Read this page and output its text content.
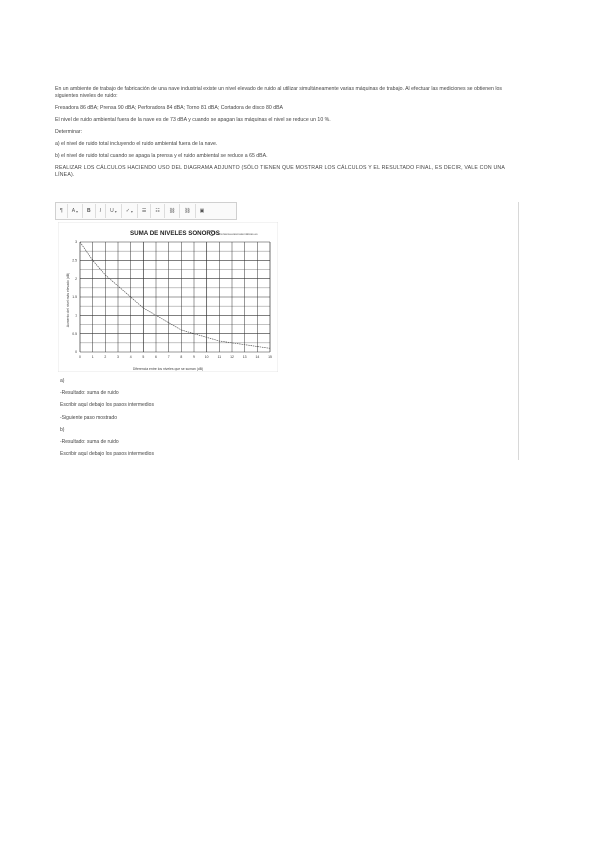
En un ambiente de trabajo de fabricación de una nave industrial existe un nivel elevado de ruido al utilizar simultáneamente varias máquinas de trabajo. Al efectuar las mediciones se obtienen los siguientes niveles de ruido:

Fresadora 86 dBA; Prensa 90 dBA; Perforadora 84 dBA; Torno 81 dBA; Cortadora de disco 80 dBA

El nivel de ruido ambiental fuera de la nave es de 73 dBA y cuando se apagan las máquinas el nivel se reduce un 10 %.

Determinar:

a) el nivel de ruido total incluyendo el ruido ambiental fuera de la nave.

b) el nivel de ruido total cuando se apaga la prensa y el ruido ambiental se reduce a 65 dBA.

REALIZAR LOS CÁLCULOS HACIENDO USO DEL DIAGRAMA ADJUNTO (SÓLO TIENEN QUE MOSTRAR LOS CÁLCULOS Y EL RESULTADO FINAL, ES DECIR, VALE CON UNA LÍNEA).

¶ A ▾ B I U ▾ ✓ ▾ ☰ ☷ ⛓ ⛓ ▣
SUMA DE NIVELES SONOROS
www.lasnuevasmatemáticas.es
0	1	2	3	4	5	6	7	8	9	10	11	12	13	14	15
3
2.5
2
1.5
1
0.5
0
Diferencia entre los niveles que se suman (dB)
Aumento del nivel más elevado (dB)
a)
-Resultado: suma de ruido
Escribir aquí debajo los pasos intermedios
-Siguiente paso mostrado
b)
-Resultado: suma de ruido
Escribir aquí debajo los pasos intermedios
